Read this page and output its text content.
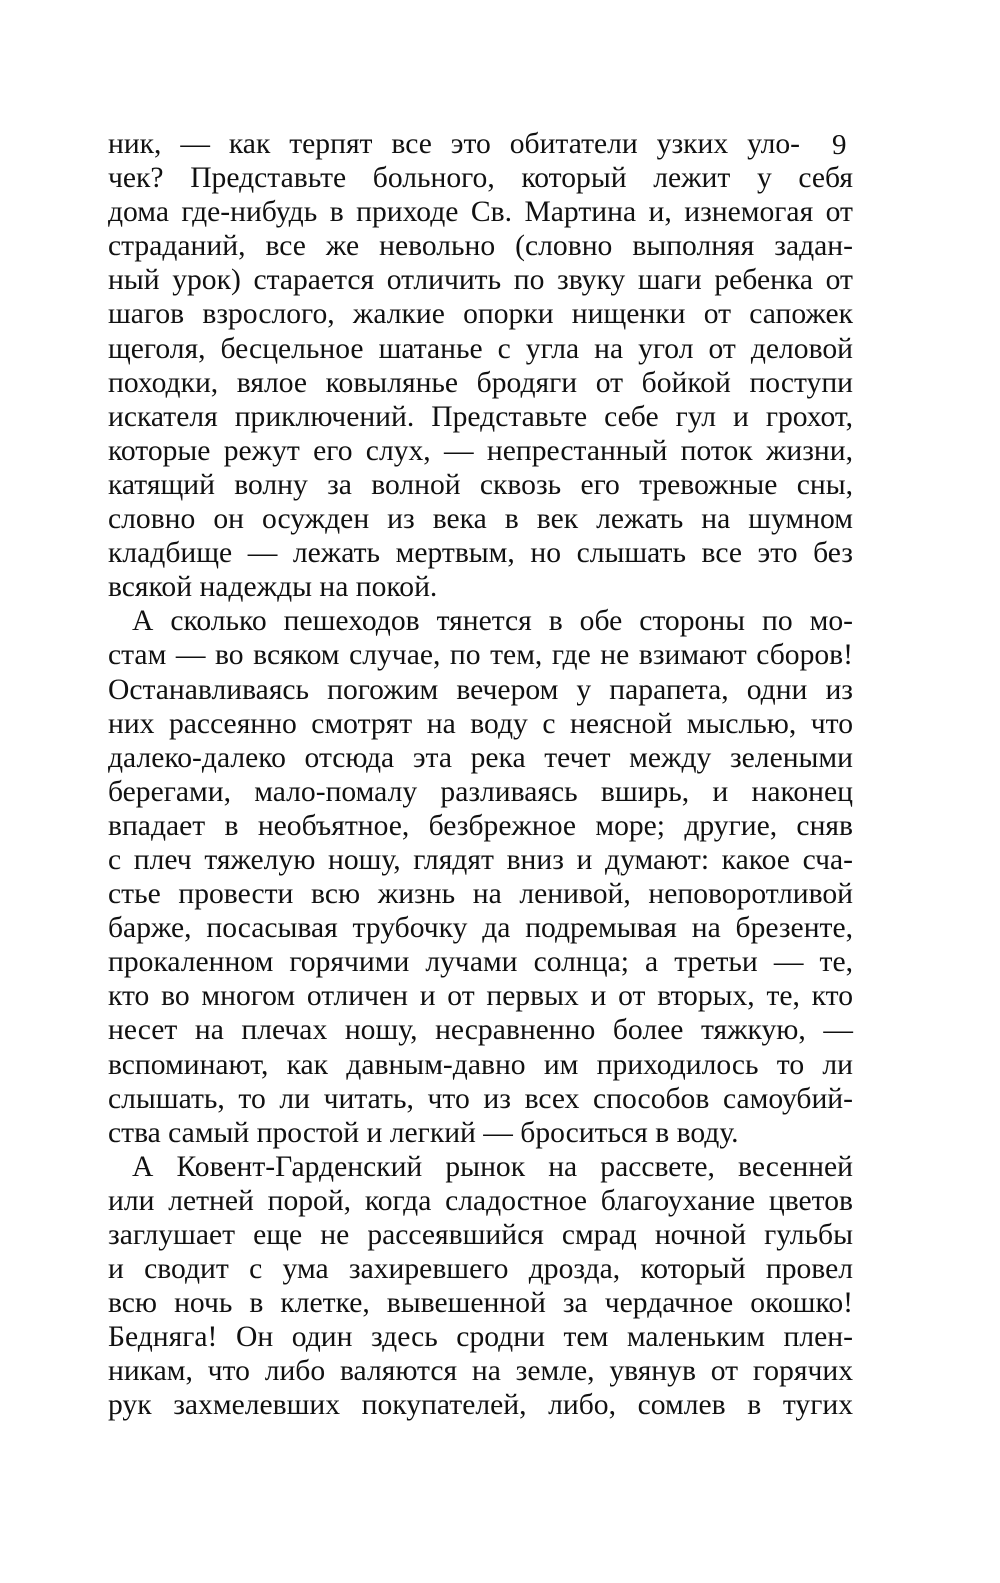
9
ник, — как терпят все это обитатели узких уло-
чек? Представьте больного, который лежит у себя
дома где-нибудь в приходе Св. Мартина и, изнемогая от
страданий, все же невольно (словно выполняя задан-
ный урок) старается отличить по звуку шаги ребенка от
шагов взрослого, жалкие опорки нищенки от сапожек
щеголя, бесцельное шатанье с угла на угол от деловой
походки, вялое ковылянье бродяги от бойкой поступи
искателя приключений. Представьте себе гул и грохот,
которые режут его слух, — непрестанный поток жизни,
катящий волну за волной сквозь его тревожные сны,
словно он осужден из века в век лежать на шумном
кладбище — лежать мертвым, но слышать все это без
всякой надежды на покой.
А сколько пешеходов тянется в обе стороны по мо-
стам — во всяком случае, по тем, где не взимают сборов!
Останавливаясь погожим вечером у парапета, одни из
них рассеянно смотрят на воду с неясной мыслью, что
далеко-далеко отсюда эта река течет между зелеными
берегами, мало-помалу разливаясь вширь, и наконец
впадает в необъятное, безбрежное море; другие, сняв
с плеч тяжелую ношу, глядят вниз и думают: какое сча-
стье провести всю жизнь на ленивой, неповоротливой
барже, посасывая трубочку да подремывая на брезенте,
прокаленном горячими лучами солнца; а третьи — те,
кто во многом отличен и от первых и от вторых, те, кто
несет на плечах ношу, несравненно более тяжкую, —
вспоминают, как давным-давно им приходилось то ли
слышать, то ли читать, что из всех способов самоубий-
ства самый простой и легкий — броситься в воду.
А Ковент-Гарденский рынок на рассвете, весенней
или летней порой, когда сладостное благоухание цветов
заглушает еще не рассеявшийся смрад ночной гульбы
и сводит с ума захиревшего дрозда, который провел
всю ночь в клетке, вывешенной за чердачное окошко!
Бедняга! Он один здесь сродни тем маленьким плен-
никам, что либо валяются на земле, увянув от горячих
рук захмелевших покупателей, либо, сомлев в тугих
